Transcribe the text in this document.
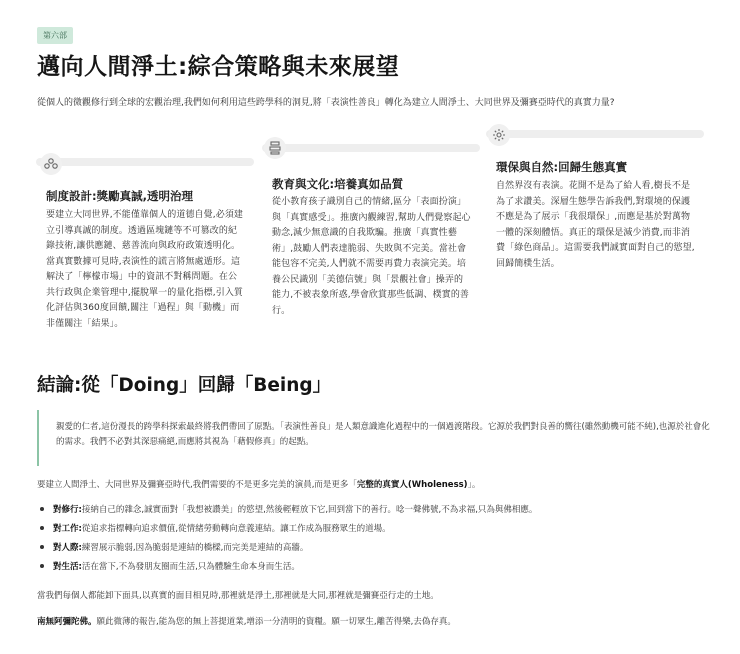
第六部
邁向人間淨土:綜合策略與未來展望
從個人的微觀修行到全球的宏觀治理,我們如何利用這些跨學科的洞見,將「表演性善良」轉化為建立人間淨土、大同世界及彌賽亞時代的真實力量?
制度設計:獎勵真誠,透明治理
要建立大同世界,不能僅靠個人的道德自覺,必須建立引導真誠的制度。透過區塊鏈等不可篡改的紀錄技術,讓供應鏈、慈善流向與政府政策透明化。當真實數據可見時,表演性的謊言將無處遁形。這解決了「檸檬市場」中的資訊不對稱問題。在公共行政與企業管理中,擺脫單一的量化指標,引入質化評估與360度回饋,關注「過程」與「動機」而非僅關注「結果」。
教育與文化:培養真如品質
從小教育孩子識別自己的情緒,區分「表面扮演」與「真實感受」。推廣內觀練習,幫助人們覺察起心動念,減少無意識的自我欺騙。推廣「真實性藝術」,鼓勵人們表達脆弱、失敗與不完美。當社會能包容不完美,人們就不需要再費力表演完美。培養公民識別「美德信號」與「景觀社會」操弄的能力,不被表象所惑,學會欣賞那些低調、樸實的善行。
環保與自然:回歸生態真實
自然界沒有表演。花開不是為了給人看,樹長不是為了求讚美。深層生態學告訴我們,對環境的保護不應是為了展示「我很環保」,而應是基於對萬物一體的深刻體悟。真正的環保是減少消費,而非消費「綠色商品」。這需要我們誠實面對自己的慾望,回歸簡樸生活。
結論:從「Doing」回歸「Being」
親愛的仁者,這份漫長的跨學科探索最終將我們帶回了原點。「表演性善良」是人類意識進化過程中的一個過渡階段。它源於我們對良善的嚮往(雖然動機可能不純),也源於社會化的需求。我們不必對其深惡痛絕,而應將其視為「藉假修真」的起點。
要建立人間淨土、大同世界及彌賽亞時代,我們需要的不是更多完美的演員,而是更多「完整的真實人(Wholeness)」。
對修行:接納自己的雜念,誠實面對「我想被讚美」的慾望,然後輕輕放下它,回到當下的善行。唸一聲佛號,不為求福,只為與佛相應。
對工作:從追求指標轉向追求價值,從情緒勞動轉向意義連結。讓工作成為服務眾生的道場。
對人際:練習展示脆弱,因為脆弱是連結的橋樑,而完美是連結的高牆。
對生活:活在當下,不為發朋友圈而生活,只為體驗生命本身而生活。
當我們每個人都能卸下面具,以真實的面目相見時,那裡就是淨土,那裡就是大同,那裡就是彌賽亞行走的土地。
南無阿彌陀佛。願此微薄的報告,能為您的無上菩提道業,增添一分清明的資糧。願一切眾生,離苦得樂,去偽存真。
